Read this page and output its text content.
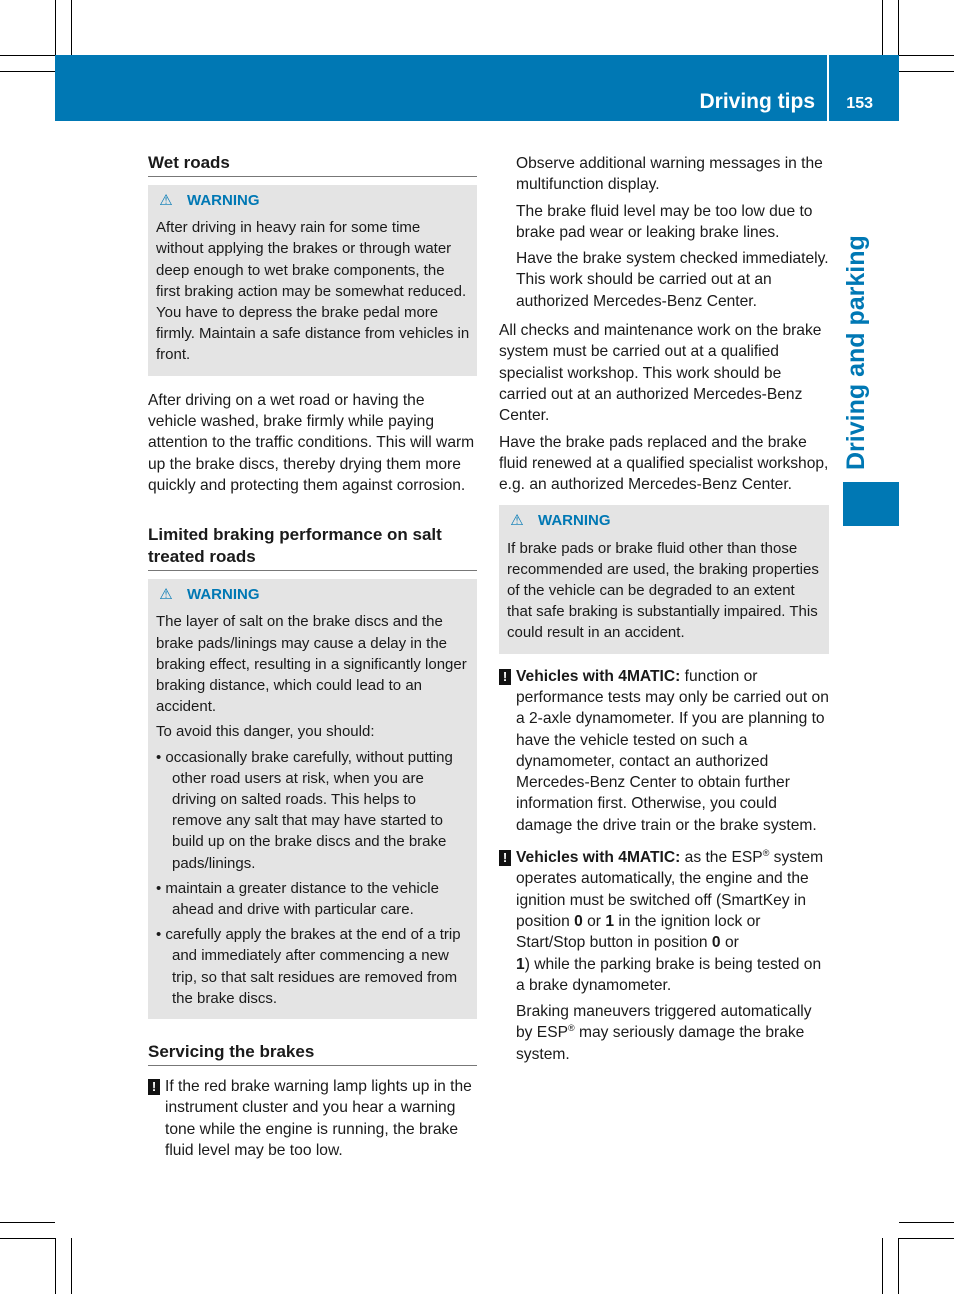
Driving tips 153
Driving and parking
Wet roads
⚠ WARNING

After driving in heavy rain for some time without applying the brakes or through water deep enough to wet brake components, the first braking action may be somewhat reduced. You have to depress the brake pedal more firmly. Maintain a safe distance from vehicles in front.

After driving on a wet road or having the vehicle washed, brake firmly while paying attention to the traffic conditions. This will warm up the brake discs, thereby drying them more quickly and protecting them against corrosion.

Limited braking performance on salt treated roads
⚠ WARNING

The layer of salt on the brake discs and the brake pads/linings may cause a delay in the braking effect, resulting in a significantly longer braking distance, which could lead to an accident.

To avoid this danger, you should:

• occasionally brake carefully, without putting other road users at risk, when you are driving on salted roads. This helps to remove any salt that may have started to build up on the brake discs and the brake pads/linings.

• maintain a greater distance to the vehicle ahead and drive with particular care.

• carefully apply the brakes at the end of a trip and immediately after commencing a new trip, so that salt residues are removed from the brake discs.

Servicing the brakes
! If the red brake warning lamp lights up in the instrument cluster and you hear a warning tone while the engine is running, the brake fluid level may be too low.

Observe additional warning messages in the multifunction display.

The brake fluid level may be too low due to brake pad wear or leaking brake lines.

Have the brake system checked immediately. This work should be carried out at an authorized Mercedes-Benz Center.

All checks and maintenance work on the brake system must be carried out at a qualified specialist workshop. This work should be carried out at an authorized Mercedes-Benz Center.

Have the brake pads replaced and the brake fluid renewed at a qualified specialist workshop, e.g. an authorized Mercedes-Benz Center.

⚠ WARNING

If brake pads or brake fluid other than those recommended are used, the braking properties of the vehicle can be degraded to an extent that safe braking is substantially impaired. This could result in an accident.

! Vehicles with 4MATIC: function or performance tests may only be carried out on a 2-axle dynamometer. If you are planning to have the vehicle tested on such a dynamometer, contact an authorized Mercedes-Benz Center to obtain further information first. Otherwise, you could damage the drive train or the brake system.
! Vehicles with 4MATIC: as the ESP® system operates automatically, the engine and the ignition must be switched off (SmartKey in position 0 or 1 in the ignition lock or Start/Stop button in position 0 or
1) while the parking brake is being tested on a brake dynamometer.

Braking maneuvers triggered automatically by ESP® may seriously damage the brake system.
